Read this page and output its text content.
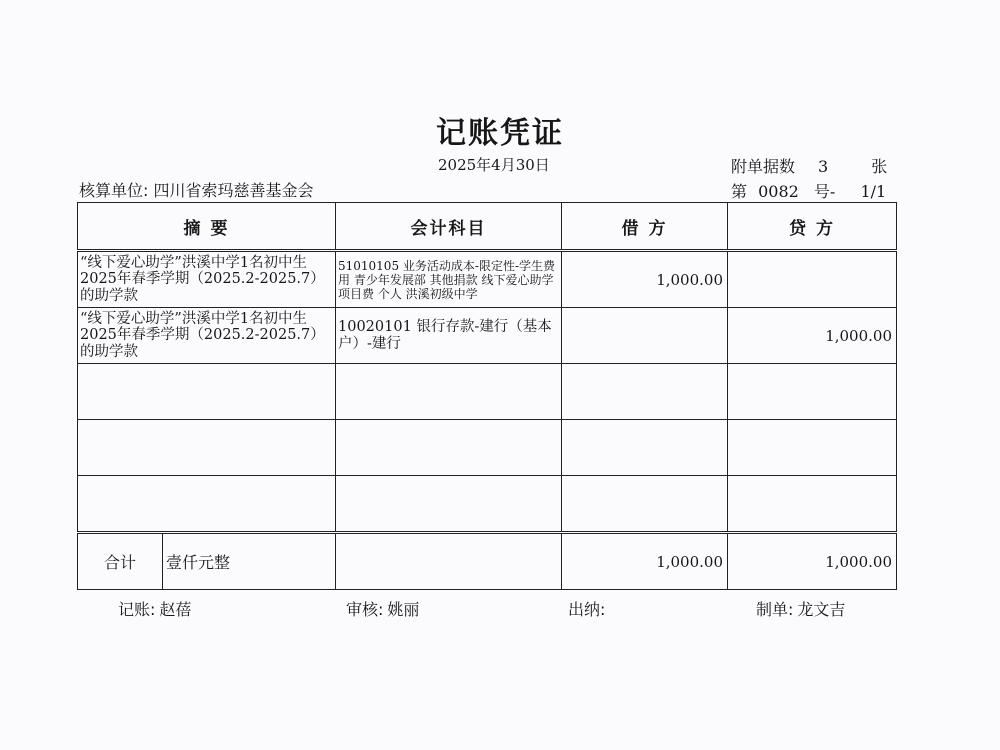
记账凭证
2025年4月30日	附单据数 3	张
核算单位: 四川省索玛慈善基金会	第 0082 号- 1/1
摘 要	会计科目	借 方	贷 方
“线下爱心助学”洪溪中学1名初中生2025年春季学期（2025.2-2025.7）的助学款	51010105 业务活动成本-限定性-学生费用 青少年发展部 其他捐款 线下爱心助学 项目费 个人 洪溪初级中学	1,000.00	
“线下爱心助学”洪溪中学1名初中生2025年春季学期（2025.2-2025.7）的助学款	10020101 银行存款-建行（基本户）-建行		1,000.00

合计 壹仟元整		1,000.00	1,000.00
记账: 赵蓓	审核: 姚丽	出纳:	制单: 龙文吉
